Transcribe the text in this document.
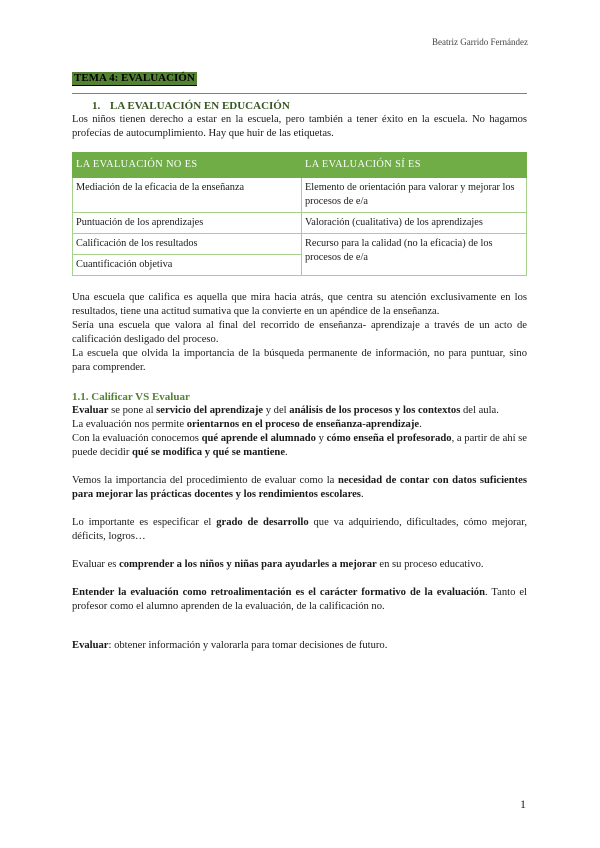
Beatriz Garrido Fernández
TEMA 4: EVALUACIÓN
1. LA EVALUACIÓN EN EDUCACIÓN

Los niños tienen derecho a estar en la escuela, pero también a tener éxito en la escuela. No hagamos profecías de autocumplimiento. Hay que huir de las etiquetas.

LA EVALUACIÓN NO ES	LA EVALUACIÓN SÍ ES
Mediación de la eficacia de la enseñanza	Elemento de orientación para valorar y mejorar los procesos de e/a
Puntuación de los aprendizajes	Valoración (cualitativa) de los aprendizajes
Calificación de los resultados	Recurso para la calidad (no la eficacia) de los procesos de e/a
Cuantificación objetiva	

Una escuela que califica es aquella que mira hacia atrás, que centra su atención exclusivamente en los resultados, tiene una actitud sumativa que la convierte en un apéndice de la enseñanza.

Sería una escuela que valora al final del recorrido de enseñanza- aprendizaje a través de un acto de calificación desligado del proceso.

La escuela que olvida la importancia de la búsqueda permanente de información, no para puntuar, sino para comprender.

1.1. Calificar VS Evaluar

Evaluar se pone al servicio del aprendizaje y del análisis de los procesos y los contextos del aula.

La evaluación nos permite orientarnos en el proceso de enseñanza-aprendizaje.

Con la evaluación conocemos qué aprende el alumnado y cómo enseña el profesorado, a partir de ahí se puede decidir qué se modifica y qué se mantiene.

Vemos la importancia del procedimiento de evaluar como la necesidad de contar con datos suficientes para mejorar las prácticas docentes y los rendimientos escolares.

Lo importante es especificar el grado de desarrollo que va adquiriendo, dificultades, cómo mejorar, déficits, logros…

Evaluar es comprender a los niños y niñas para ayudarles a mejorar en su proceso educativo.

Entender la evaluación como retroalimentación es el carácter formativo de la evaluación. Tanto el profesor como el alumno aprenden de la evaluación, de la calificación no.

Evaluar: obtener información y valorarla para tomar decisiones de futuro.

1
